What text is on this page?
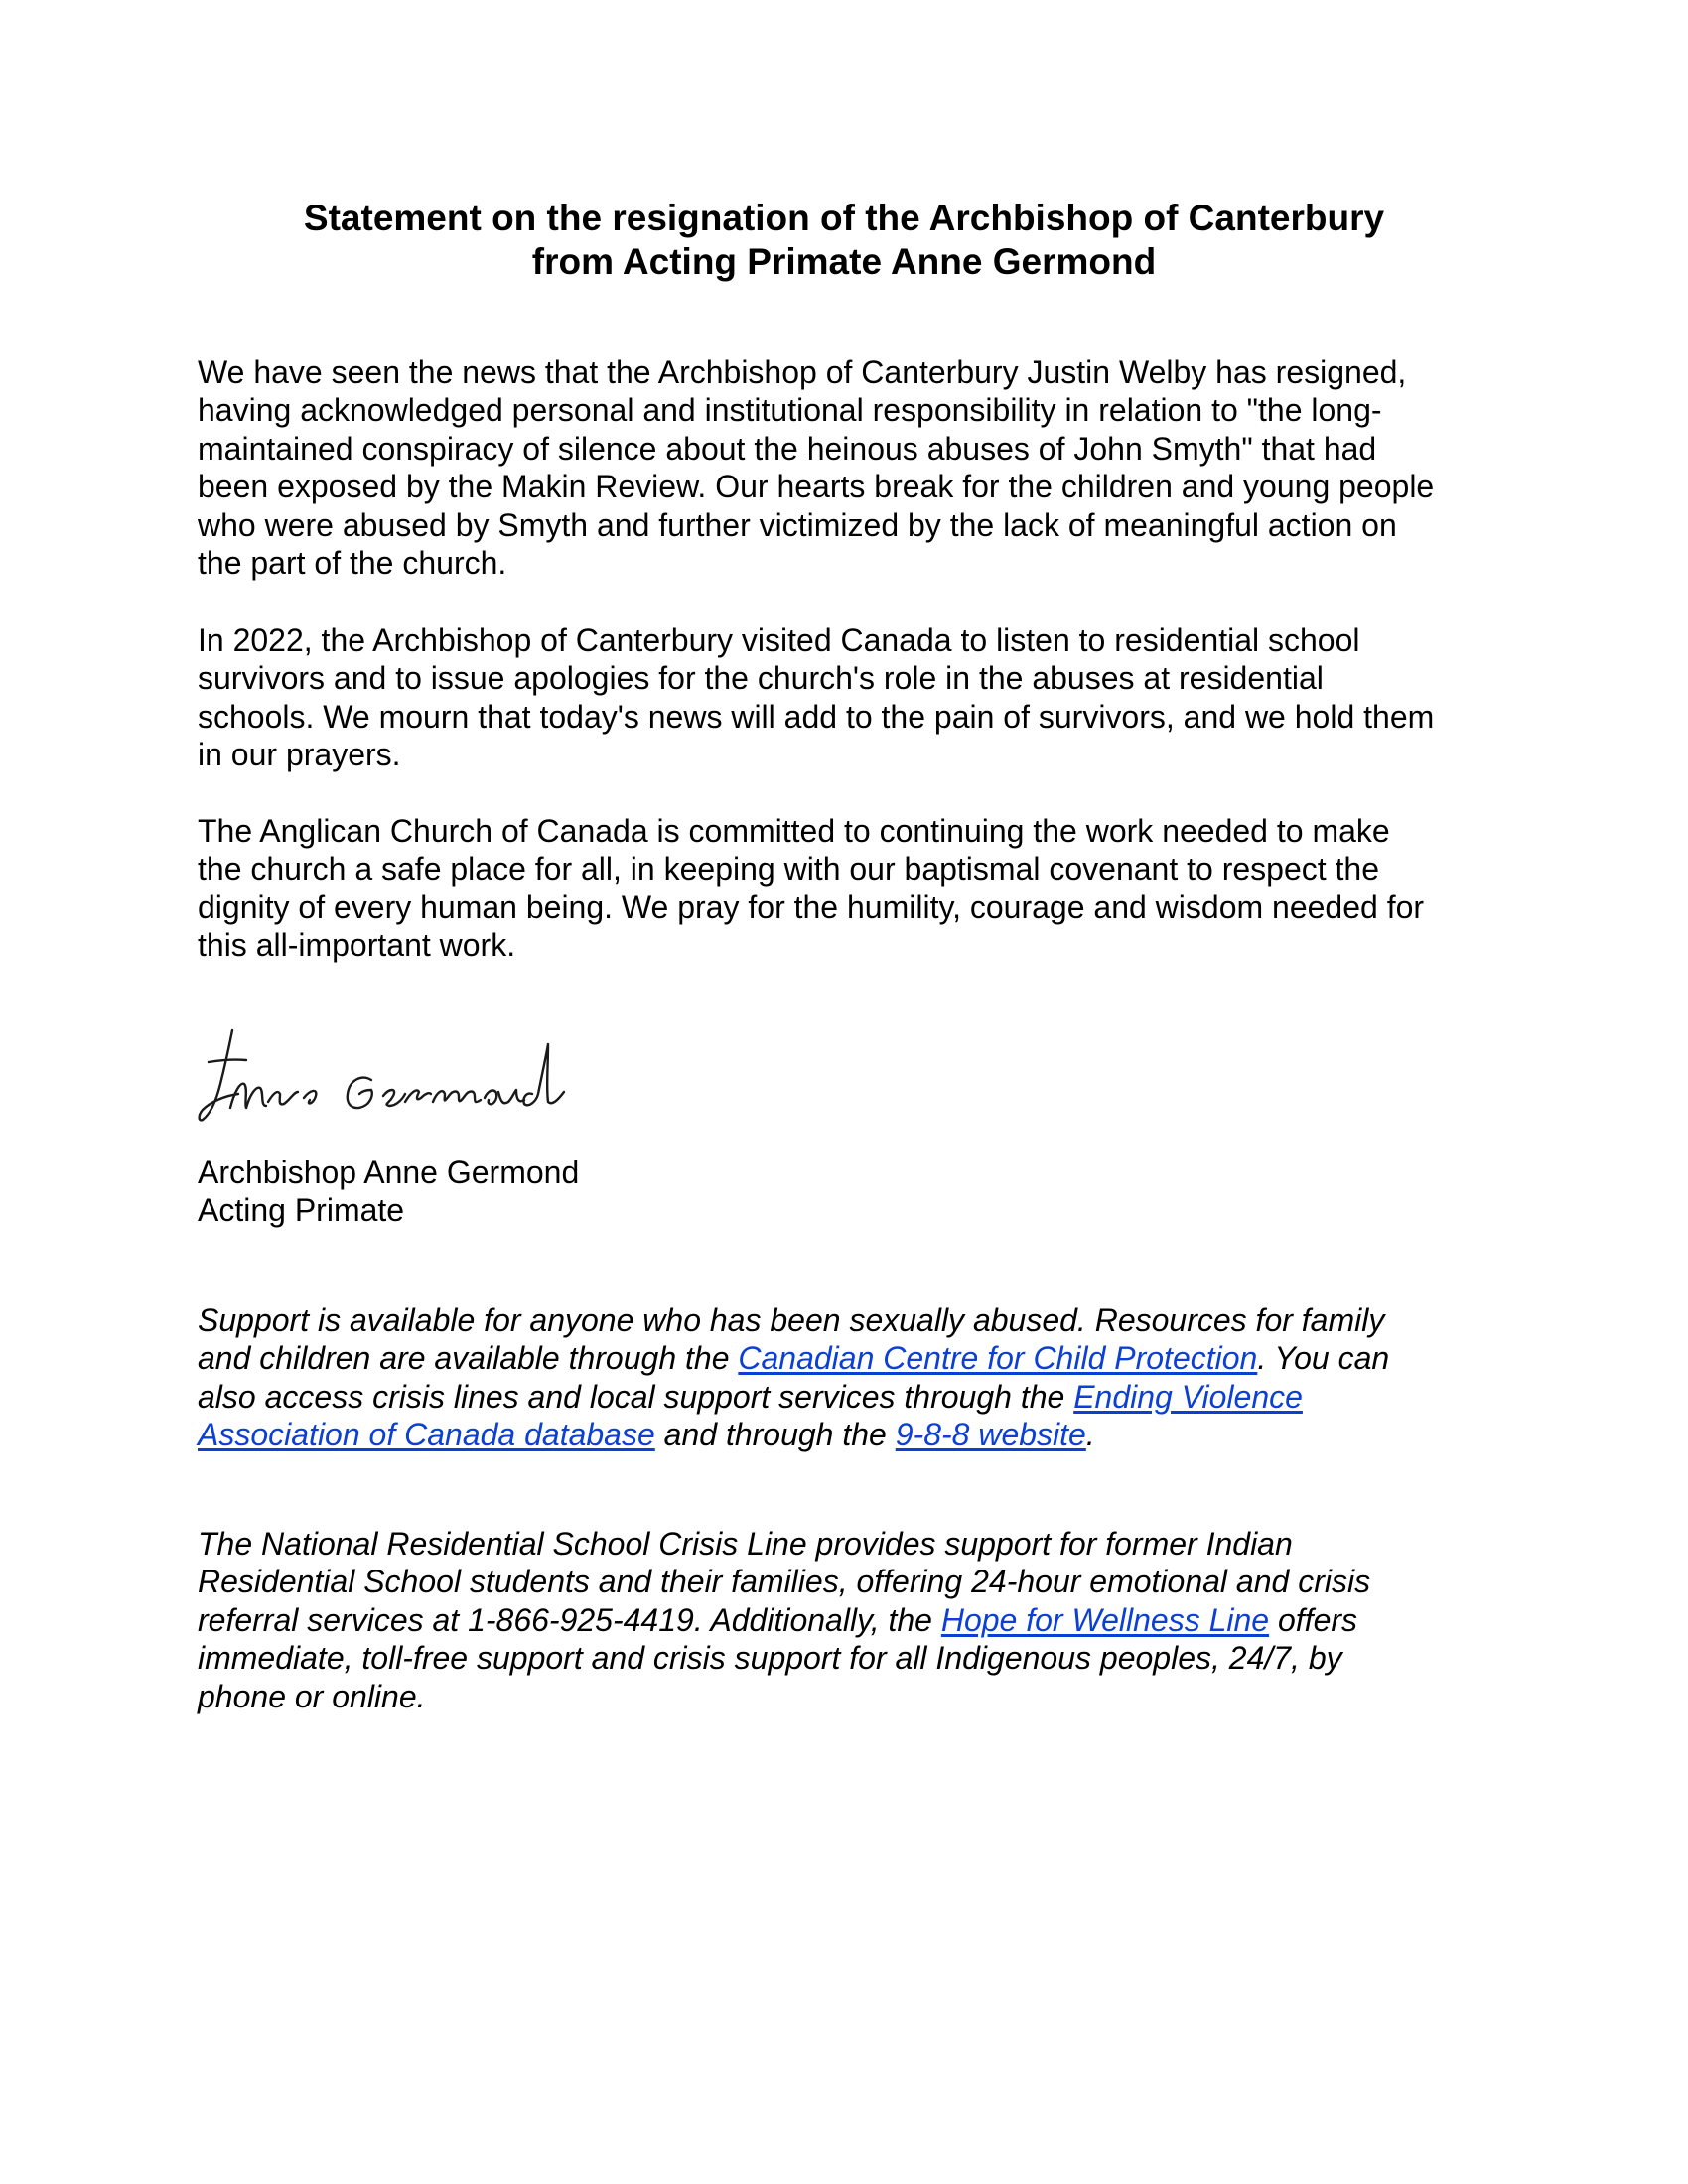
Statement on the resignation of the Archbishop of Canterbury
from Acting Primate Anne Germond
We have seen the news that the Archbishop of Canterbury Justin Welby has resigned,
having acknowledged personal and institutional responsibility in relation to "the long-
maintained conspiracy of silence about the heinous abuses of John Smyth" that had
been exposed by the Makin Review. Our hearts break for the children and young people
who were abused by Smyth and further victimized by the lack of meaningful action on
the part of the church.
In 2022, the Archbishop of Canterbury visited Canada to listen to residential school
survivors and to issue apologies for the church's role in the abuses at residential
schools. We mourn that today's news will add to the pain of survivors, and we hold them
in our prayers.
The Anglican Church of Canada is committed to continuing the work needed to make
the church a safe place for all, in keeping with our baptismal covenant to respect the
dignity of every human being. We pray for the humility, courage and wisdom needed for
this all-important work.
Archbishop Anne Germond
Acting Primate
Support is available for anyone who has been sexually abused. Resources for family
and children are available through the Canadian Centre for Child Protection. You can
also access crisis lines and local support services through the Ending Violence
Association of Canada database and through the 9-8-8 website.
The National Residential School Crisis Line provides support for former Indian
Residential School students and their families, offering 24-hour emotional and crisis
referral services at 1-866-925-4419. Additionally, the Hope for Wellness Line offers
immediate, toll-free support and crisis support for all Indigenous peoples, 24/7, by
phone or online.
